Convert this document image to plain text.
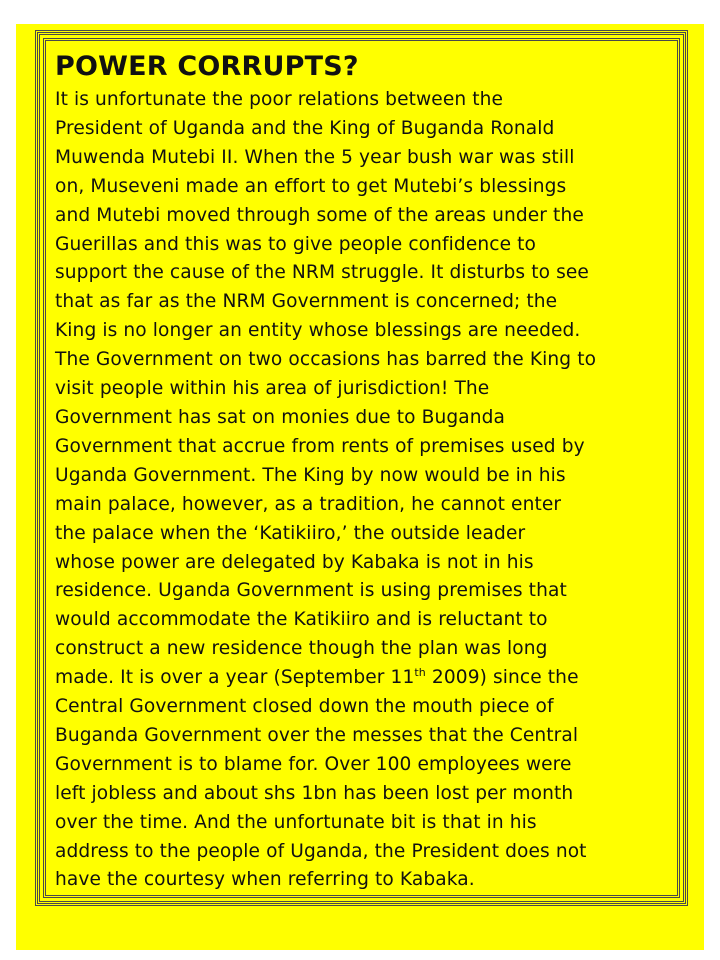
POWER CORRUPTS?
It is unfortunate the poor relations between the
President of Uganda and the King of Buganda Ronald
Muwenda Mutebi II. When the 5 year bush war was still
on, Museveni made an effort to get Mutebi’s blessings
and Mutebi moved through some of the areas under the
Guerillas and this was to give people confidence to
support the cause of the NRM struggle. It disturbs to see
that as far as the NRM Government is concerned; the
King is no longer an entity whose blessings are needed.
The Government on two occasions has barred the King to
visit people within his area of jurisdiction! The
Government has sat on monies due to Buganda
Government that accrue from rents of premises used by
Uganda Government. The King by now would be in his
main palace, however, as a tradition, he cannot enter
the palace when the ‘Katikiiro,’ the outside leader
whose power are delegated by Kabaka is not in his
residence. Uganda Government is using premises that
would accommodate the Katikiiro and is reluctant to
construct a new residence though the plan was long
made. It is over a year (September 11th 2009) since the
Central Government closed down the mouth piece of
Buganda Government over the messes that the Central
Government is to blame for. Over 100 employees were
left jobless and about shs 1bn has been lost per month
over the time. And the unfortunate bit is that in his
address to the people of Uganda, the President does not
have the courtesy when referring to Kabaka.
